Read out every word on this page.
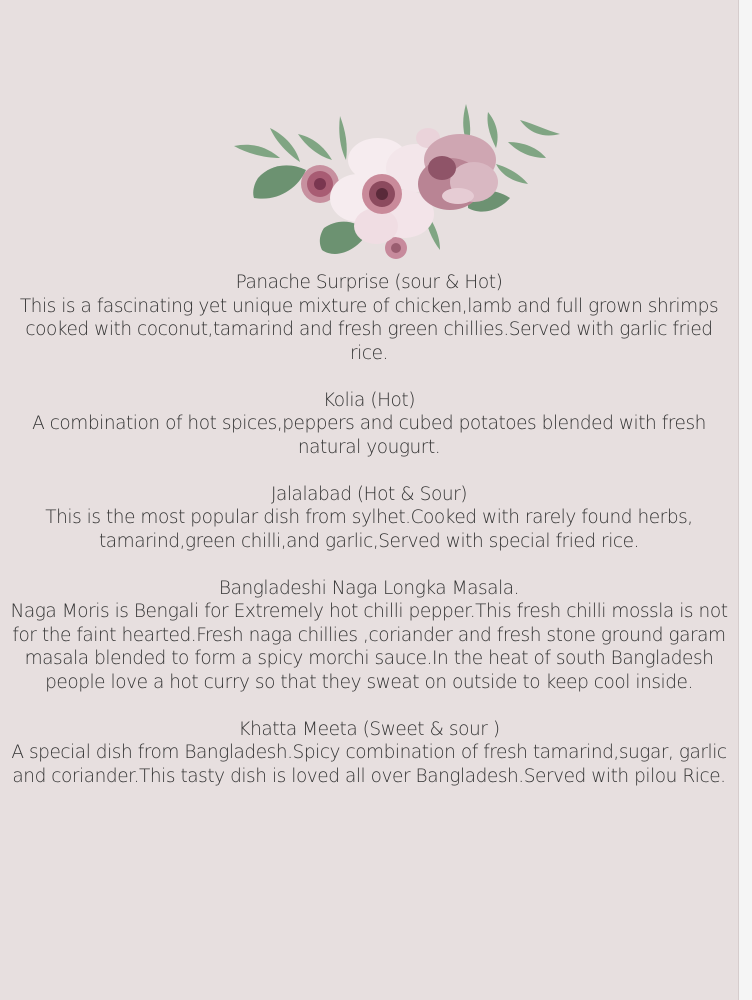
Panache Surprise (sour & Hot)
This is a fascinating yet unique mixture of chicken,lamb and full grown shrimps cooked with coconut,tamarind and fresh green chillies.Served with garlic fried rice.
Kolia (Hot)
A combination of hot spices,peppers and cubed potatoes blended with fresh natural yougurt.
Jalalabad (Hot & Sour)
This is the most popular dish from sylhet.Cooked with rarely found herbs, tamarind,green chilli,and garlic,Served with special fried rice.
Bangladeshi Naga Longka Masala.
Naga Moris is Bengali for Extremely hot chilli pepper.This fresh chilli mossla is not for the faint hearted.Fresh naga chillies ,coriander and fresh stone ground garam masala blended to form a spicy morchi sauce.In the heat of south Bangladesh people love a hot curry so that they sweat on outside to keep cool inside.
Khatta Meeta (Sweet & sour )
A special dish from Bangladesh.Spicy combination of fresh tamarind,sugar, garlic and coriander.This tasty dish is loved all over Bangladesh.Served with pilou Rice.
